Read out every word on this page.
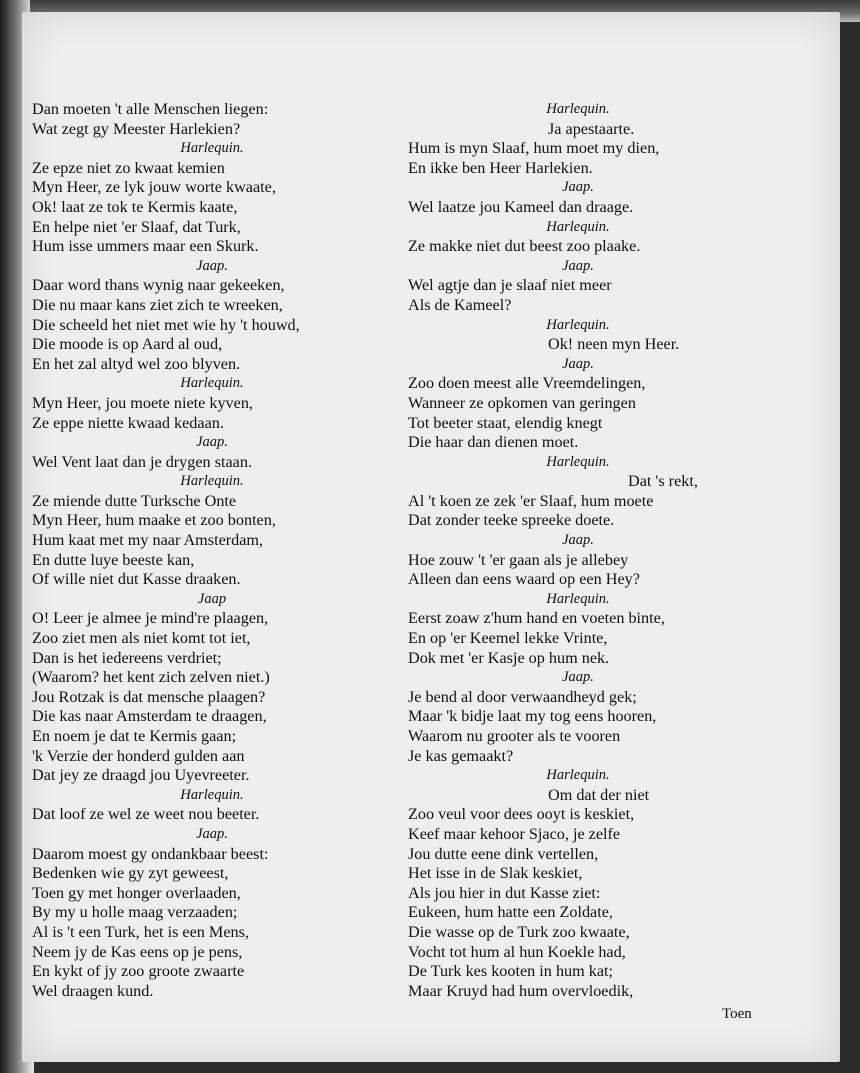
Dan moeten 't alle Menschen liegen:
Wat zegt gy Meester Harlekien?
Harlequin.
Ze epze niet zo kwaat kemien
Myn Heer, ze lyk jouw worte kwaate,
Ok! laat ze tok te Kermis kaate,
En helpe niet 'er Slaaf, dat Turk,
Hum isse ummers maar een Skurk.
Jaap.
Daar word thans wynig naar gekeeken,
Die nu maar kans ziet zich te wreeken,
Die scheeld het niet met wie hy 't houwd,
Die moode is op Aard al oud,
En het zal altyd wel zoo blyven.
Harlequin.
Myn Heer, jou moete niete kyven,
Ze eppe niette kwaad kedaan.
Jaap.
Wel Vent laat dan je drygen staan.
Harlequin.
Ze miende dutte Turksche Onte
Myn Heer, hum maake et zoo bonten,
Hum kaat met my naar Amsterdam,
En dutte luye beeste kan,
Of wille niet dut Kasse draaken.
Jaap
O! Leer je almee je mind're plaagen,
Zoo ziet men als niet komt tot iet,
Dan is het iedereens verdriet;
(Waarom? het kent zich zelven niet.)
Jou Rotzak is dat mensche plaagen?
Die kas naar Amsterdam te draagen,
En noem je dat te Kermis gaan;
'k Verzie der honderd gulden aan
Dat jey ze draagd jou Uyevreeter.
Harlequin.
Dat loof ze wel ze weet nou beeter.
Jaap.
Daarom moest gy ondankbaar beest:
Bedenken wie gy zyt geweest,
Toen gy met honger overlaaden,
By my u holle maag verzaaden;
Al is 't een Turk, het is een Mens,
Neem jy de Kas eens op je pens,
En kykt of jy zoo groote zwaarte
Wel draagen kund.
Harlequin.
Ja apestaarte.
Hum is myn Slaaf, hum moet my dien,
En ikke ben Heer Harlekien.
Jaap.
Wel laatze jou Kameel dan draage.
Harlequin.
Ze makke niet dut beest zoo plaake.
Jaap.
Wel agtje dan je slaaf niet meer
Als de Kameel?
Harlequin.
Ok! neen myn Heer.
Jaap.
Zoo doen meest alle Vreemdelingen,
Wanneer ze opkomen van geringen
Tot beeter staat, elendig knegt
Die haar dan dienen moet.
Harlequin.
Dat 's rekt,
Al 't koen ze zek 'er Slaaf, hum moete
Dat zonder teeke spreeke doete.
Jaap.
Hoe zouw 't 'er gaan als je allebey
Alleen dan eens waard op een Hey?
Harlequin.
Eerst zoaw z'hum hand en voeten binte,
En op 'er Keemel lekke Vrinte,
Dok met 'er Kasje op hum nek.
Jaap.
Je bend al door verwaandheyd gek;
Maar 'k bidje laat my tog eens hooren,
Waarom nu grooter als te vooren
Je kas gemaakt?
Harlequin.
Om dat der niet
Zoo veul voor dees ooyt is keskiet,
Keef maar kehoor Sjaco, je zelfe
Jou dutte eene dink vertellen,
Het isse in de Slak keskiet,
Als jou hier in dut Kasse ziet:
Eukeen, hum hatte een Zoldate,
Die wasse op de Turk zoo kwaate,
Vocht tot hum al hun Koekle had,
De Turk kes kooten in hum kat;
Maar Kruyd had hum overvloedik,
Toen
